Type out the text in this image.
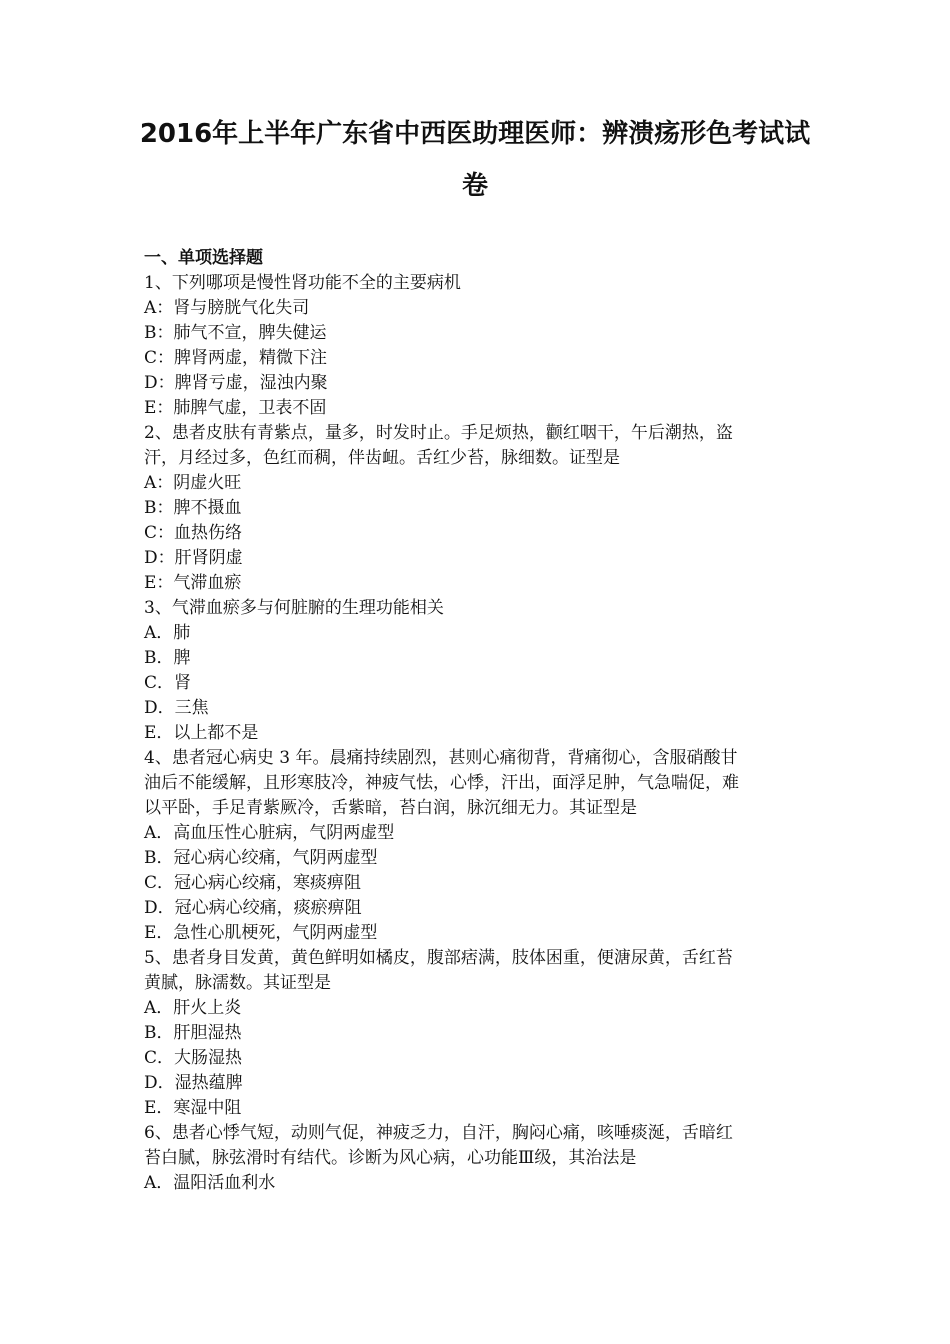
2016年上半年广东省中西医助理医师：辨溃疡形色考试试
卷
一、单项选择题
1、下列哪项是慢性肾功能不全的主要病机
A：肾与膀胱气化失司
B：肺气不宣，脾失健运
C：脾肾两虚，精微下注
D：脾肾亏虚，湿浊内聚
E：肺脾气虚，卫表不固
2、患者皮肤有青紫点，量多，时发时止。手足烦热，颧红咽干，午后潮热，盗
汗，月经过多，色红而稠，伴齿衄。舌红少苔，脉细数。证型是
A：阴虚火旺
B：脾不摄血
C：血热伤络
D：肝肾阴虚
E：气滞血瘀
3、气滞血瘀多与何脏腑的生理功能相关
A．肺
B．脾
C．肾
D．三焦
E．以上都不是
4、患者冠心病史 3 年。晨痛持续剧烈，甚则心痛彻背，背痛彻心，含服硝酸甘
油后不能缓解，且形寒肢冷，神疲气怯，心悸，汗出，面浮足肿，气急喘促，难
以平卧，手足青紫厥冷，舌紫暗，苔白润，脉沉细无力。其证型是
A．高血压性心脏病，气阴两虚型
B．冠心病心绞痛，气阴两虚型
C．冠心病心绞痛，寒痰痹阻
D．冠心病心绞痛，痰瘀痹阻
E．急性心肌梗死，气阴两虚型
5、患者身目发黄，黄色鲜明如橘皮，腹部痞满，肢体困重，便溏尿黄，舌红苔
黄腻，脉濡数。其证型是
A．肝火上炎
B．肝胆湿热
C．大肠湿热
D．湿热蕴脾
E．寒湿中阻
6、患者心悸气短，动则气促，神疲乏力，自汗，胸闷心痛，咳唾痰涎，舌暗红
苔白腻，脉弦滑时有结代。诊断为风心病，心功能Ⅲ级，其治法是
A．温阳活血利水
